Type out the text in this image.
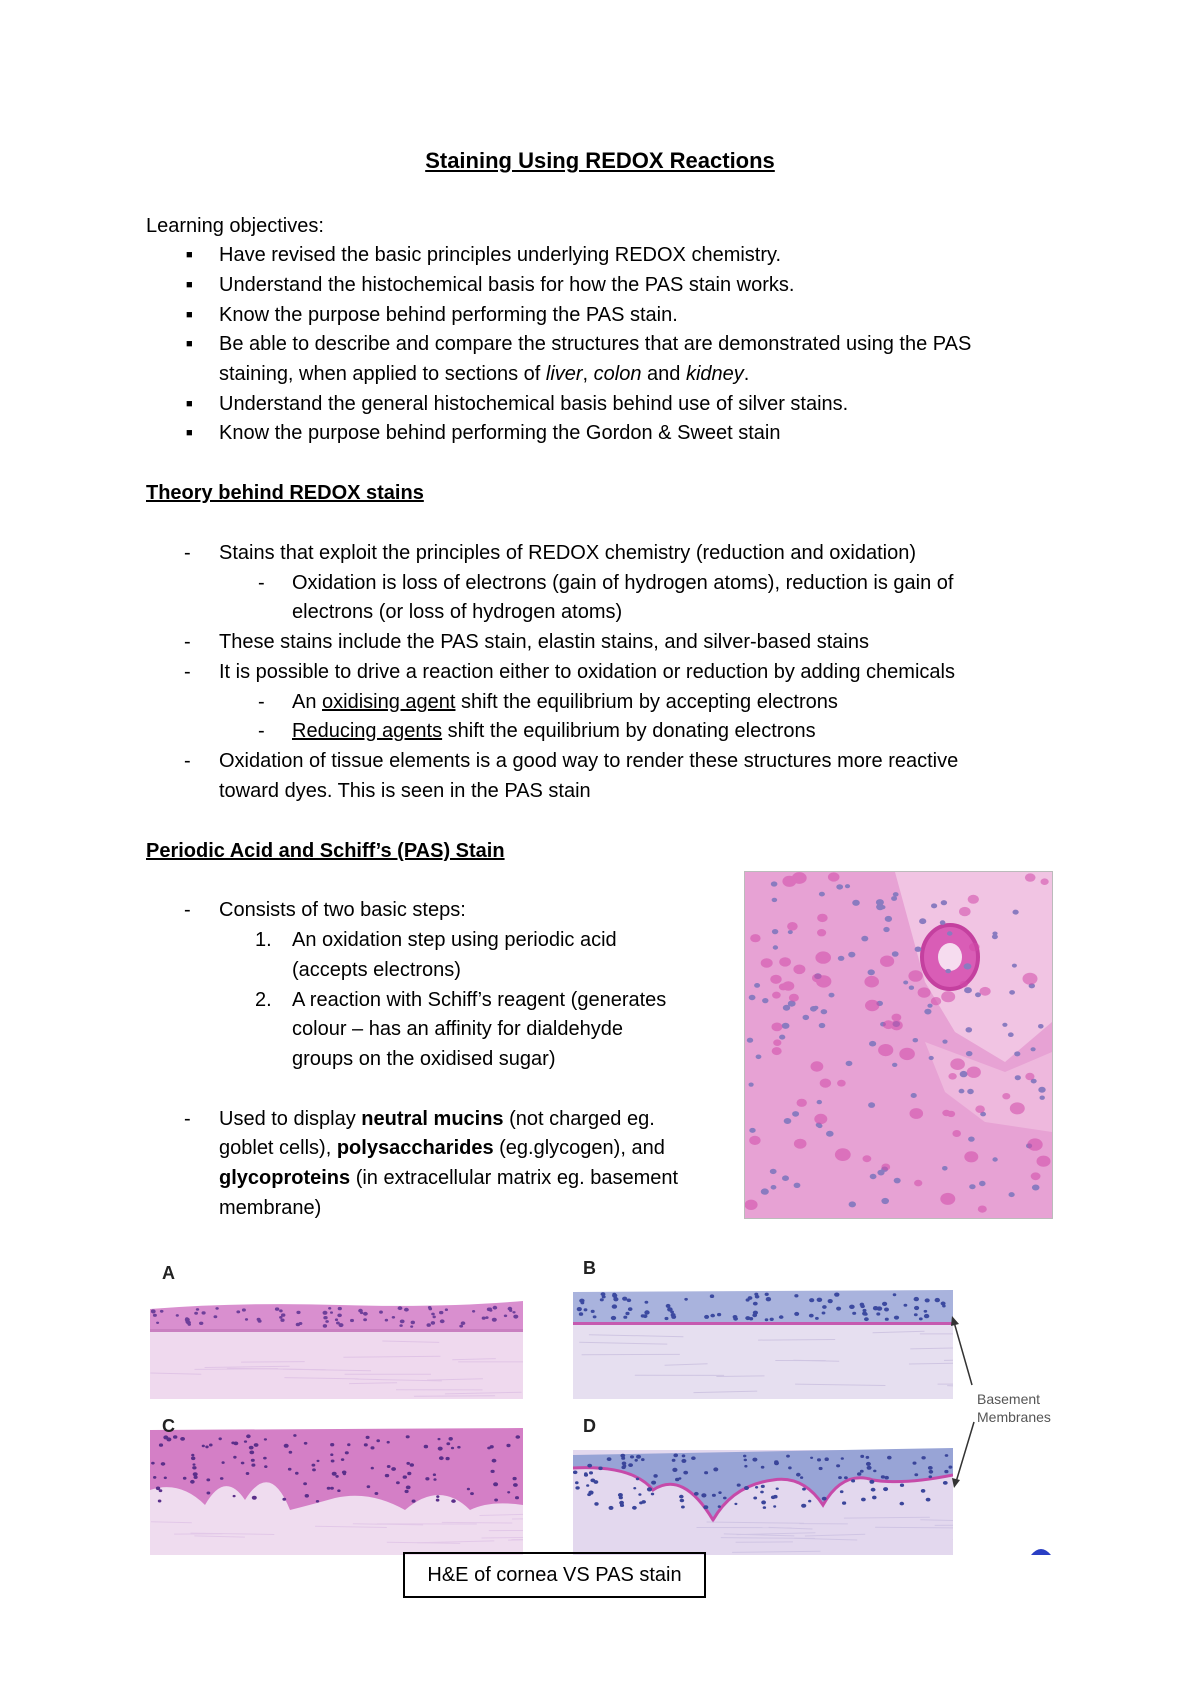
Staining Using REDOX Reactions
Learning objectives:
■ Have revised the basic principles underlying REDOX chemistry.
■ Understand the histochemical basis for how the PAS stain works.
■ Know the purpose behind performing the PAS stain.
■ Be able to describe and compare the structures that are demonstrated using the PAS
staining, when applied to sections of liver, colon and kidney.
■ Understand the general histochemical basis behind use of silver stains.
■ Know the purpose behind performing the Gordon & Sweet stain
Theory behind REDOX stains
- Stains that exploit the principles of REDOX chemistry (reduction and oxidation)
- Oxidation is loss of electrons (gain of hydrogen atoms), reduction is gain of
electrons (or loss of hydrogen atoms)
- These stains include the PAS stain, elastin stains, and silver-based stains
- It is possible to drive a reaction either to oxidation or reduction by adding chemicals
- An oxidising agent shift the equilibrium by accepting electrons
- Reducing agents shift the equilibrium by donating electrons
- Oxidation of tissue elements is a good way to render these structures more reactive
toward dyes. This is seen in the PAS stain
Periodic Acid and Schiff’s (PAS) Stain
- Consists of two basic steps:
1. An oxidation step using periodic acid
(accepts electrons)
2. A reaction with Schiff’s reagent (generates
colour – has an affinity for dialdehyde
groups on the oxidised sugar)
- Used to display neutral mucins (not charged eg.
goblet cells), polysaccharides (eg.glycogen), and
glycoproteins (in extracellular matrix eg. basement
membrane)
A	B
C	D
Basement
Membranes
H&E of cornea VS PAS stain
